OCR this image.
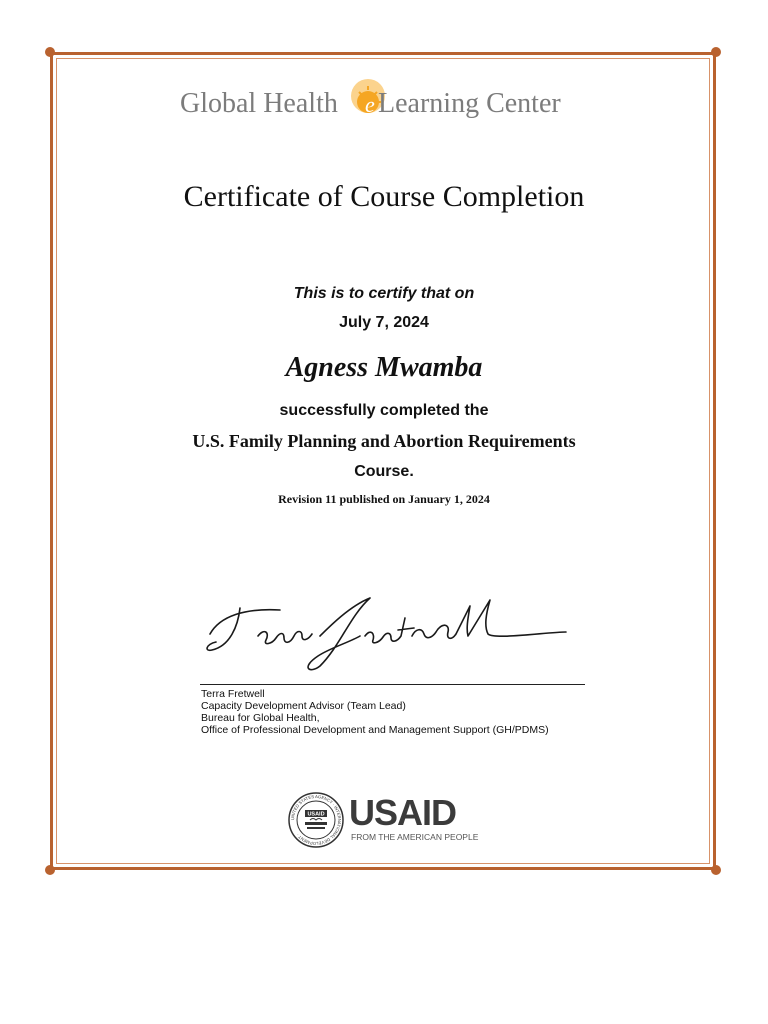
Global Health e Learning Center
Certificate of Course Completion
This is to certify that on
July 7, 2024
Agness Mwamba
successfully completed the
U.S. Family Planning and Abortion Requirements
Course.
Revision 11 published on January 1, 2024
Terra Fretwell
Capacity Development Advisor (Team Lead)
Bureau for Global Health,
Office of Professional Development and Management Support (GH/PDMS)
UNITED STATES AGENCY · INTERNATIONAL DEVELOPMENT ·
USAID USAID
FROM THE AMERICAN PEOPLE
